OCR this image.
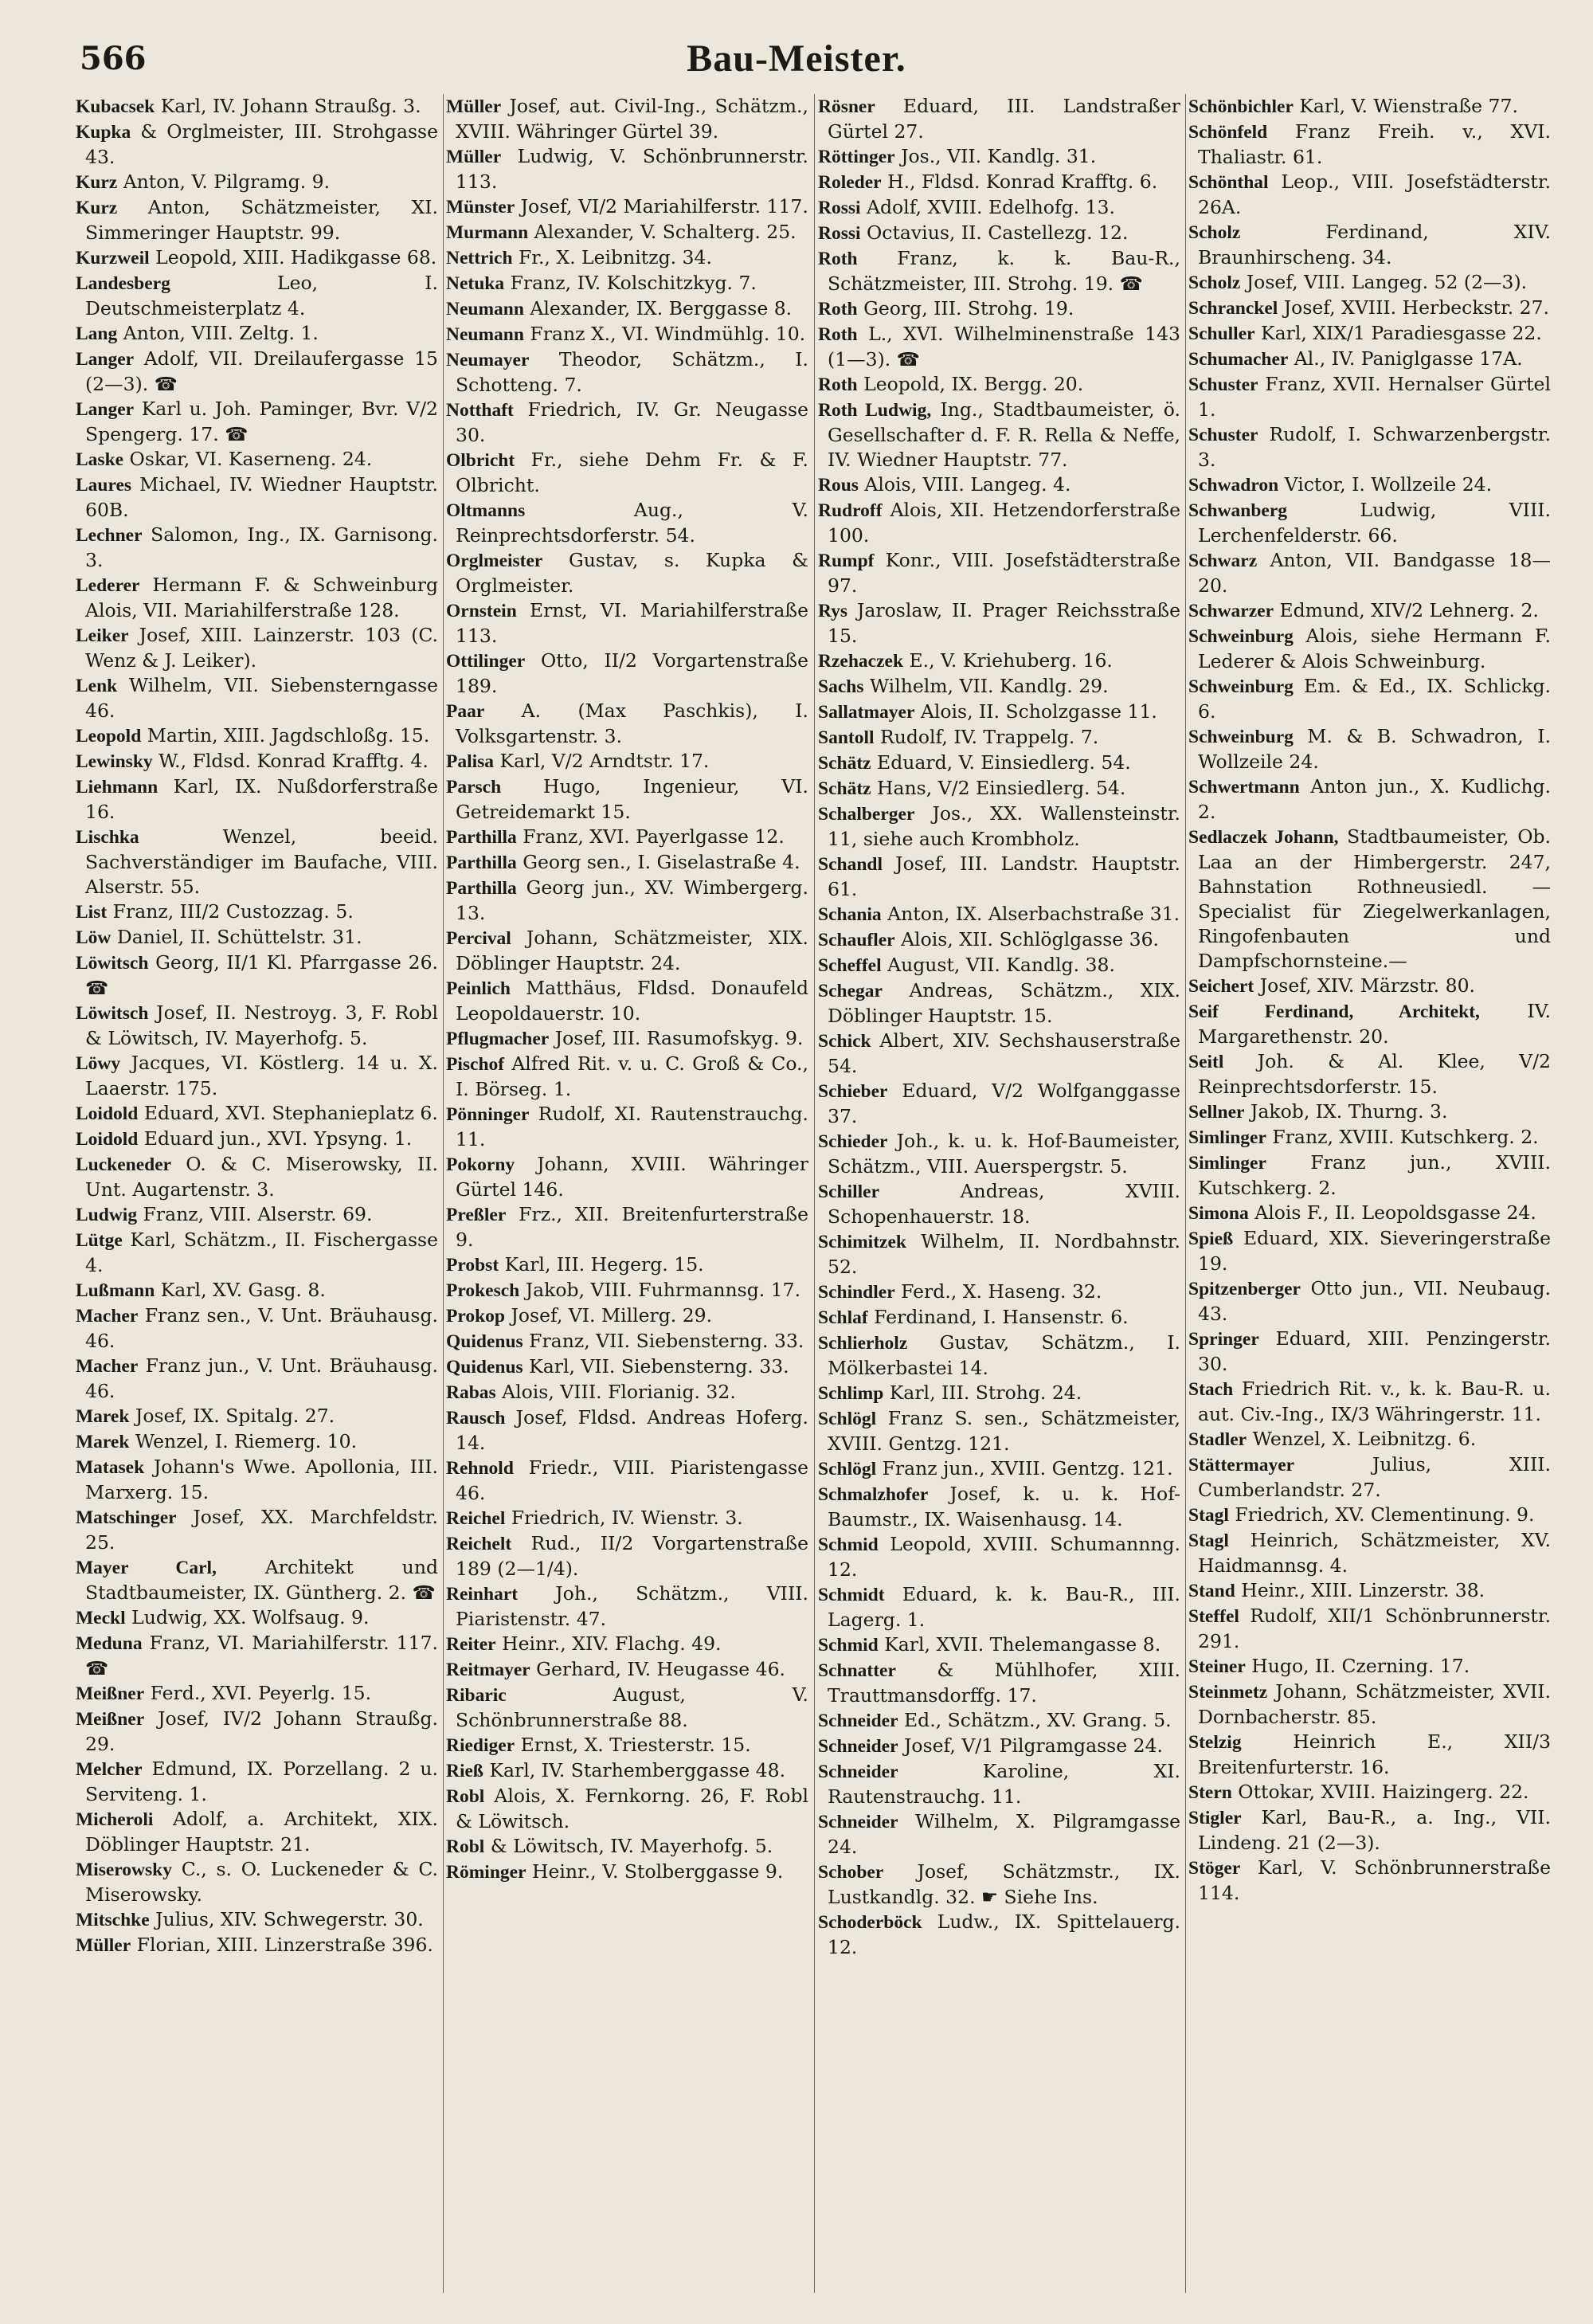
566	Bau-Meister.

Kubacsek Karl, IV. Johann Straußg. 3.

Kupka & Orglmeister, III. Strohgasse 43.

Kurz Anton, V. Pilgramg. 9.

Kurz Anton, Schätzmeister, XI. Simmeringer Hauptstr. 99.

Kurzweil Leopold, XIII. Hadikgasse 68.

Landesberg Leo, I. Deutschmeisterplatz 4.

Lang Anton, VIII. Zeltg. 1.

Langer Adolf, VII. Dreilaufergasse 15 (2—3). ☎

Langer Karl u. Joh. Paminger, Bvr. V/2 Spengerg. 17. ☎

Laske Oskar, VI. Kaserneng. 24.

Laures Michael, IV. Wiedner Hauptstr. 60B.

Lechner Salomon, Ing., IX. Garnisong. 3.

Lederer Hermann F. & Schweinburg Alois, VII. Mariahilferstraße 128.

Leiker Josef, XIII. Lainzerstr. 103 (C. Wenz & J. Leiker).

Lenk Wilhelm, VII. Siebensterngasse 46.

Leopold Martin, XIII. Jagdschloßg. 15.

Lewinsky W., Fldsd. Konrad Krafftg. 4.

Liehmann Karl, IX. Nußdorferstraße 16.

Lischka Wenzel, beeid. Sachverständiger im Baufache, VIII. Alserstr. 55.

List Franz, III/2 Custozzag. 5.

Löw Daniel, II. Schüttelstr. 31.

Löwitsch Georg, II/1 Kl. Pfarrgasse 26. ☎

Löwitsch Josef, II. Nestroyg. 3, F. Robl & Löwitsch, IV. Mayerhofg. 5.

Löwy Jacques, VI. Köstlerg. 14 u. X. Laaerstr. 175.

Loidold Eduard, XVI. Stephanieplatz 6.

Loidold Eduard jun., XVI. Ypsyng. 1.

Luckeneder O. & C. Miserowsky, II. Unt. Augartenstr. 3.

Ludwig Franz, VIII. Alserstr. 69.

Lütge Karl, Schätzm., II. Fischergasse 4.

Lußmann Karl, XV. Gasg. 8.

Macher Franz sen., V. Unt. Bräuhausg. 46.

Macher Franz jun., V. Unt. Bräuhausg. 46.

Marek Josef, IX. Spitalg. 27.

Marek Wenzel, I. Riemerg. 10.

Matasek Johann's Wwe. Apollonia, III. Marxerg. 15.

Matschinger Josef, XX. Marchfeldstr. 25.

Mayer Carl, Architekt und Stadtbaumeister, IX. Güntherg. 2. ☎

Meckl Ludwig, XX. Wolfsaug. 9.

Meduna Franz, VI. Mariahilferstr. 117. ☎

Meißner Ferd., XVI. Peyerlg. 15.

Meißner Josef, IV/2 Johann Straußg. 29.

Melcher Edmund, IX. Porzellang. 2 u. Serviteng. 1.

Micheroli Adolf, a. Architekt, XIX. Döblinger Hauptstr. 21.

Miserowsky C., s. O. Luckeneder & C. Miserowsky.

Mitschke Julius, XIV. Schwegerstr. 30.

Müller Florian, XIII. Linzerstraße 396.

Müller Josef, aut. Civil-Ing., Schätzm., XVIII. Währinger Gürtel 39.

Müller Ludwig, V. Schönbrunnerstr. 113.

Münster Josef, VI/2 Mariahilferstr. 117.

Murmann Alexander, V. Schalterg. 25.

Nettrich Fr., X. Leibnitzg. 34.

Netuka Franz, IV. Kolschitzkyg. 7.

Neumann Alexander, IX. Berggasse 8.

Neumann Franz X., VI. Windmühlg. 10.

Neumayer Theodor, Schätzm., I. Schotteng. 7.

Notthaft Friedrich, IV. Gr. Neugasse 30.

Olbricht Fr., siehe Dehm Fr. & F. Olbricht.

Oltmanns Aug., V. Reinprechtsdorferstr. 54.

Orglmeister Gustav, s. Kupka & Orglmeister.

Ornstein Ernst, VI. Mariahilferstraße 113.

Ottilinger Otto, II/2 Vorgartenstraße 189.

Paar A. (Max Paschkis), I. Volksgartenstr. 3.

Palisa Karl, V/2 Arndtstr. 17.

Parsch Hugo, Ingenieur, VI. Getreidemarkt 15.

Parthilla Franz, XVI. Payerlgasse 12.

Parthilla Georg sen., I. Giselastraße 4.

Parthilla Georg jun., XV. Wimbergerg. 13.

Percival Johann, Schätzmeister, XIX. Döblinger Hauptstr. 24.

Peinlich Matthäus, Fldsd. Donaufeld Leopoldauerstr. 10.

Pflugmacher Josef, III. Rasumofskyg. 9.

Pischof Alfred Rit. v. u. C. Groß & Co., I. Börseg. 1.

Pönninger Rudolf, XI. Rautenstrauchg. 11.

Pokorny Johann, XVIII. Währinger Gürtel 146.

Preßler Frz., XII. Breitenfurterstraße 9.

Probst Karl, III. Hegerg. 15.

Prokesch Jakob, VIII. Fuhrmannsg. 17.

Prokop Josef, VI. Millerg. 29.

Quidenus Franz, VII. Siebensterng. 33.

Quidenus Karl, VII. Siebensterng. 33.

Rabas Alois, VIII. Florianig. 32.

Rausch Josef, Fldsd. Andreas Hoferg. 14.

Rehnold Friedr., VIII. Piaristengasse 46.

Reichel Friedrich, IV. Wienstr. 3.

Reichelt Rud., II/2 Vorgartenstraße 189 (2—1/4).

Reinhart Joh., Schätzm., VIII. Piaristenstr. 47.

Reiter Heinr., XIV. Flachg. 49.

Reitmayer Gerhard, IV. Heugasse 46.

Ribaric August, V. Schönbrunnerstraße 88.

Riediger Ernst, X. Triesterstr. 15.

Rieß Karl, IV. Starhemberggasse 48.

Robl Alois, X. Fernkorng. 26, F. Robl & Löwitsch.

Robl & Löwitsch, IV. Mayerhofg. 5.

Röminger Heinr., V. Stolberggasse 9.

Rösner Eduard, III. Landstraßer Gürtel 27.

Röttinger Jos., VII. Kandlg. 31.

Roleder H., Fldsd. Konrad Krafftg. 6.

Rossi Adolf, XVIII. Edelhofg. 13.

Rossi Octavius, II. Castellezg. 12.

Roth Franz, k. k. Bau-R., Schätzmeister, III. Strohg. 19. ☎

Roth Georg, III. Strohg. 19.

Roth L., XVI. Wilhelminenstraße 143 (1—3). ☎

Roth Leopold, IX. Bergg. 20.

Roth Ludwig, Ing., Stadtbaumeister, ö. Gesellschafter d. F. R. Rella & Neffe, IV. Wiedner Hauptstr. 77.

Rous Alois, VIII. Langeg. 4.

Rudroff Alois, XII. Hetzendorferstraße 100.

Rumpf Konr., VIII. Josefstädterstraße 97.

Rys Jaroslaw, II. Prager Reichsstraße 15.

Rzehaczek E., V. Kriehuberg. 16.

Sachs Wilhelm, VII. Kandlg. 29.

Sallatmayer Alois, II. Scholzgasse 11.

Santoll Rudolf, IV. Trappelg. 7.

Schätz Eduard, V. Einsiedlerg. 54.

Schätz Hans, V/2 Einsiedlerg. 54.

Schalberger Jos., XX. Wallensteinstr. 11, siehe auch Krombholz.

Schandl Josef, III. Landstr. Hauptstr. 61.

Schania Anton, IX. Alserbachstraße 31.

Schaufler Alois, XII. Schlöglgasse 36.

Scheffel August, VII. Kandlg. 38.

Schegar Andreas, Schätzm., XIX. Döblinger Hauptstr. 15.

Schick Albert, XIV. Sechshauserstraße 54.

Schieber Eduard, V/2 Wolfganggasse 37.

Schieder Joh., k. u. k. Hof-Baumeister, Schätzm., VIII. Auerspergstr. 5.

Schiller Andreas, XVIII. Schopenhauerstr. 18.

Schimitzek Wilhelm, II. Nordbahnstr. 52.

Schindler Ferd., X. Haseng. 32.

Schlaf Ferdinand, I. Hansenstr. 6.

Schlierholz Gustav, Schätzm., I. Mölkerbastei 14.

Schlimp Karl, III. Strohg. 24.

Schlögl Franz S. sen., Schätzmeister, XVIII. Gentzg. 121.

Schlögl Franz jun., XVIII. Gentzg. 121.

Schmalzhofer Josef, k. u. k. Hof-Baumstr., IX. Waisenhausg. 14.

Schmid Leopold, XVIII. Schumannng. 12.

Schmidt Eduard, k. k. Bau-R., III. Lagerg. 1.

Schmid Karl, XVII. Thelemangasse 8.

Schnatter & Mühlhofer, XIII. Trauttmansdorffg. 17.

Schneider Ed., Schätzm., XV. Grang. 5.

Schneider Josef, V/1 Pilgramgasse 24.

Schneider Karoline, XI. Rautenstrauchg. 11.

Schneider Wilhelm, X. Pilgramgasse 24.

Schober Josef, Schätzmstr., IX. Lustkandlg. 32. ☛ Siehe Ins.

Schoderböck Ludw., IX. Spittelauerg. 12.

Schönbichler Karl, V. Wienstraße 77.

Schönfeld Franz Freih. v., XVI. Thaliastr. 61.

Schönthal Leop., VIII. Josefstädterstr. 26A.

Scholz Ferdinand, XIV. Braunhirscheng. 34.

Scholz Josef, VIII. Langeg. 52 (2—3).

Schranckel Josef, XVIII. Herbeckstr. 27.

Schuller Karl, XIX/1 Paradiesgasse 22.

Schumacher Al., IV. Paniglgasse 17A.

Schuster Franz, XVII. Hernalser Gürtel 1.

Schuster Rudolf, I. Schwarzenbergstr. 3.

Schwadron Victor, I. Wollzeile 24.

Schwanberg Ludwig, VIII. Lerchenfelderstr. 66.

Schwarz Anton, VII. Bandgasse 18—20.

Schwarzer Edmund, XIV/2 Lehnerg. 2.

Schweinburg Alois, siehe Hermann F. Lederer & Alois Schweinburg.

Schweinburg Em. & Ed., IX. Schlickg. 6.

Schweinburg M. & B. Schwadron, I. Wollzeile 24.

Schwertmann Anton jun., X. Kudlichg. 2.

Sedlaczek Johann, Stadtbaumeister, Ob. Laa an der Himbergerstr. 247, Bahnstation Rothneusiedl. —Specialist für Ziegelwerkanlagen, Ringofenbauten und Dampfschornsteine.—

Seichert Josef, XIV. Märzstr. 80.

Seif Ferdinand, Architekt, IV. Margarethenstr. 20.

Seitl Joh. & Al. Klee, V/2 Reinprechtsdorferstr. 15.

Sellner Jakob, IX. Thurng. 3.

Simlinger Franz, XVIII. Kutschkerg. 2.

Simlinger Franz jun., XVIII. Kutschkerg. 2.

Simona Alois F., II. Leopoldsgasse 24.

Spieß Eduard, XIX. Sieveringerstraße 19.

Spitzenberger Otto jun., VII. Neubaug. 43.

Springer Eduard, XIII. Penzingerstr. 30.

Stach Friedrich Rit. v., k. k. Bau-R. u. aut. Civ.-Ing., IX/3 Währingerstr. 11.

Stadler Wenzel, X. Leibnitzg. 6.

Stättermayer Julius, XIII. Cumberlandstr. 27.

Stagl Friedrich, XV. Clementinung. 9.

Stagl Heinrich, Schätzmeister, XV. Haidmannsg. 4.

Stand Heinr., XIII. Linzerstr. 38.

Steffel Rudolf, XII/1 Schönbrunnerstr. 291.

Steiner Hugo, II. Czerning. 17.

Steinmetz Johann, Schätzmeister, XVII. Dornbacherstr. 85.

Stelzig Heinrich E., XII/3 Breitenfurterstr. 16.

Stern Ottokar, XVIII. Haizingerg. 22.

Stigler Karl, Bau-R., a. Ing., VII. Lindeng. 21 (2—3).

Stöger Karl, V. Schönbrunnerstraße 114.
